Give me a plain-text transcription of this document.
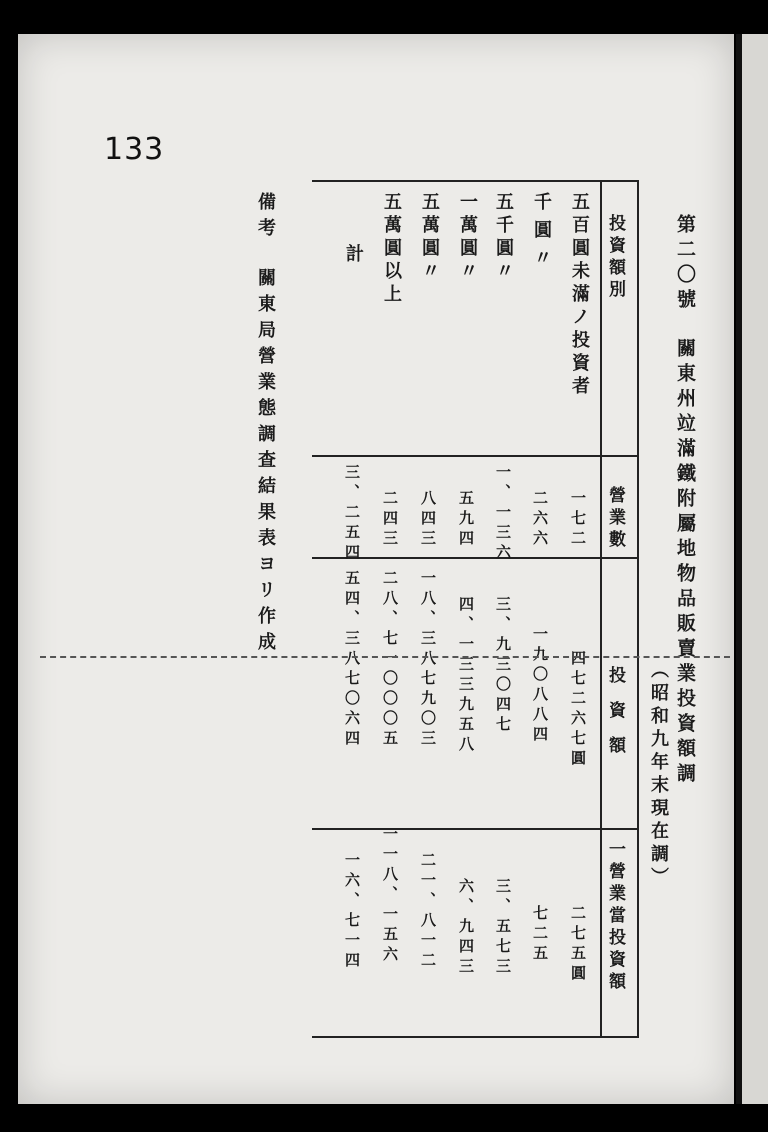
133
第二〇號
關東州竝滿鐵附屬地物品販賣業投資額調
（昭和九年末現在調）
投資額別
營業數
投資額
一營業當投資額
五百圓未滿ノ投資者
千圓〃
五千圓〃
一萬圓〃
五萬圓〃
五萬圓以上
計
一七二
二六六
一、一三六
五九四
八四三
二四三
三、二五四
四七二六七圓
一九〇八八四
三、九三〇四七
四、一三三九五八
一八、三八七九〇三
二八、七一〇〇〇五
五四、三八七〇六四
二七五圓
七二五
三、五七三
六、九四三
二一、八一二
一一八、一五六
一六、七一四
備考
關東局營業態調查結果表ヨリ作成
